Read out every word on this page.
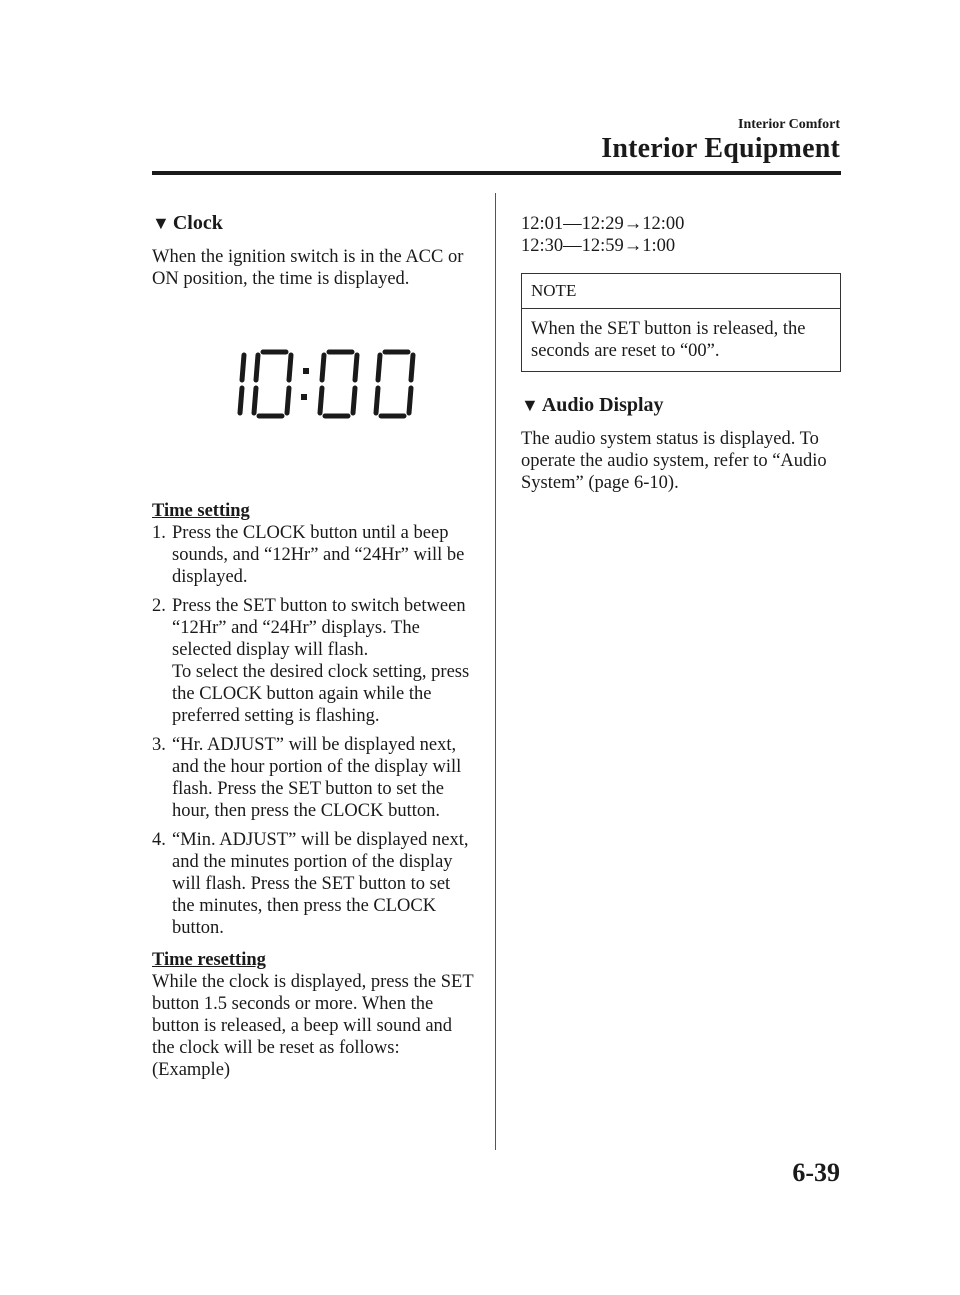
Interior Comfort
Interior Equipment
▼ Clock

When the ignition switch is in the ACC or ON position, the time is displayed.

Time setting

1. Press the CLOCK button until a beep sounds, and “12Hr” and “24Hr” will be displayed.
2. Press the SET button to switch between “12Hr” and “24Hr” displays. The selected display will flash.
To select the desired clock setting, press the CLOCK button again while the preferred setting is flashing.
3. “Hr. ADJUST” will be displayed next, and the hour portion of the display will flash. Press the SET button to set the hour, then press the CLOCK button.
4. “Min. ADJUST” will be displayed next, and the minutes portion of the display will flash. Press the SET button to set the minutes, then press the CLOCK button.

Time resetting

While the clock is displayed, press the SET button 1.5 seconds or more. When the button is released, a beep will sound and the clock will be reset as follows:

(Example)

12:01―12:29→12:00

12:30―12:59→1:00

NOTE
When the SET button is released, the seconds are reset to “00”.
▼ Audio Display

The audio system status is displayed. To operate the audio system, refer to “Audio System” (page 6-10).

6-39
